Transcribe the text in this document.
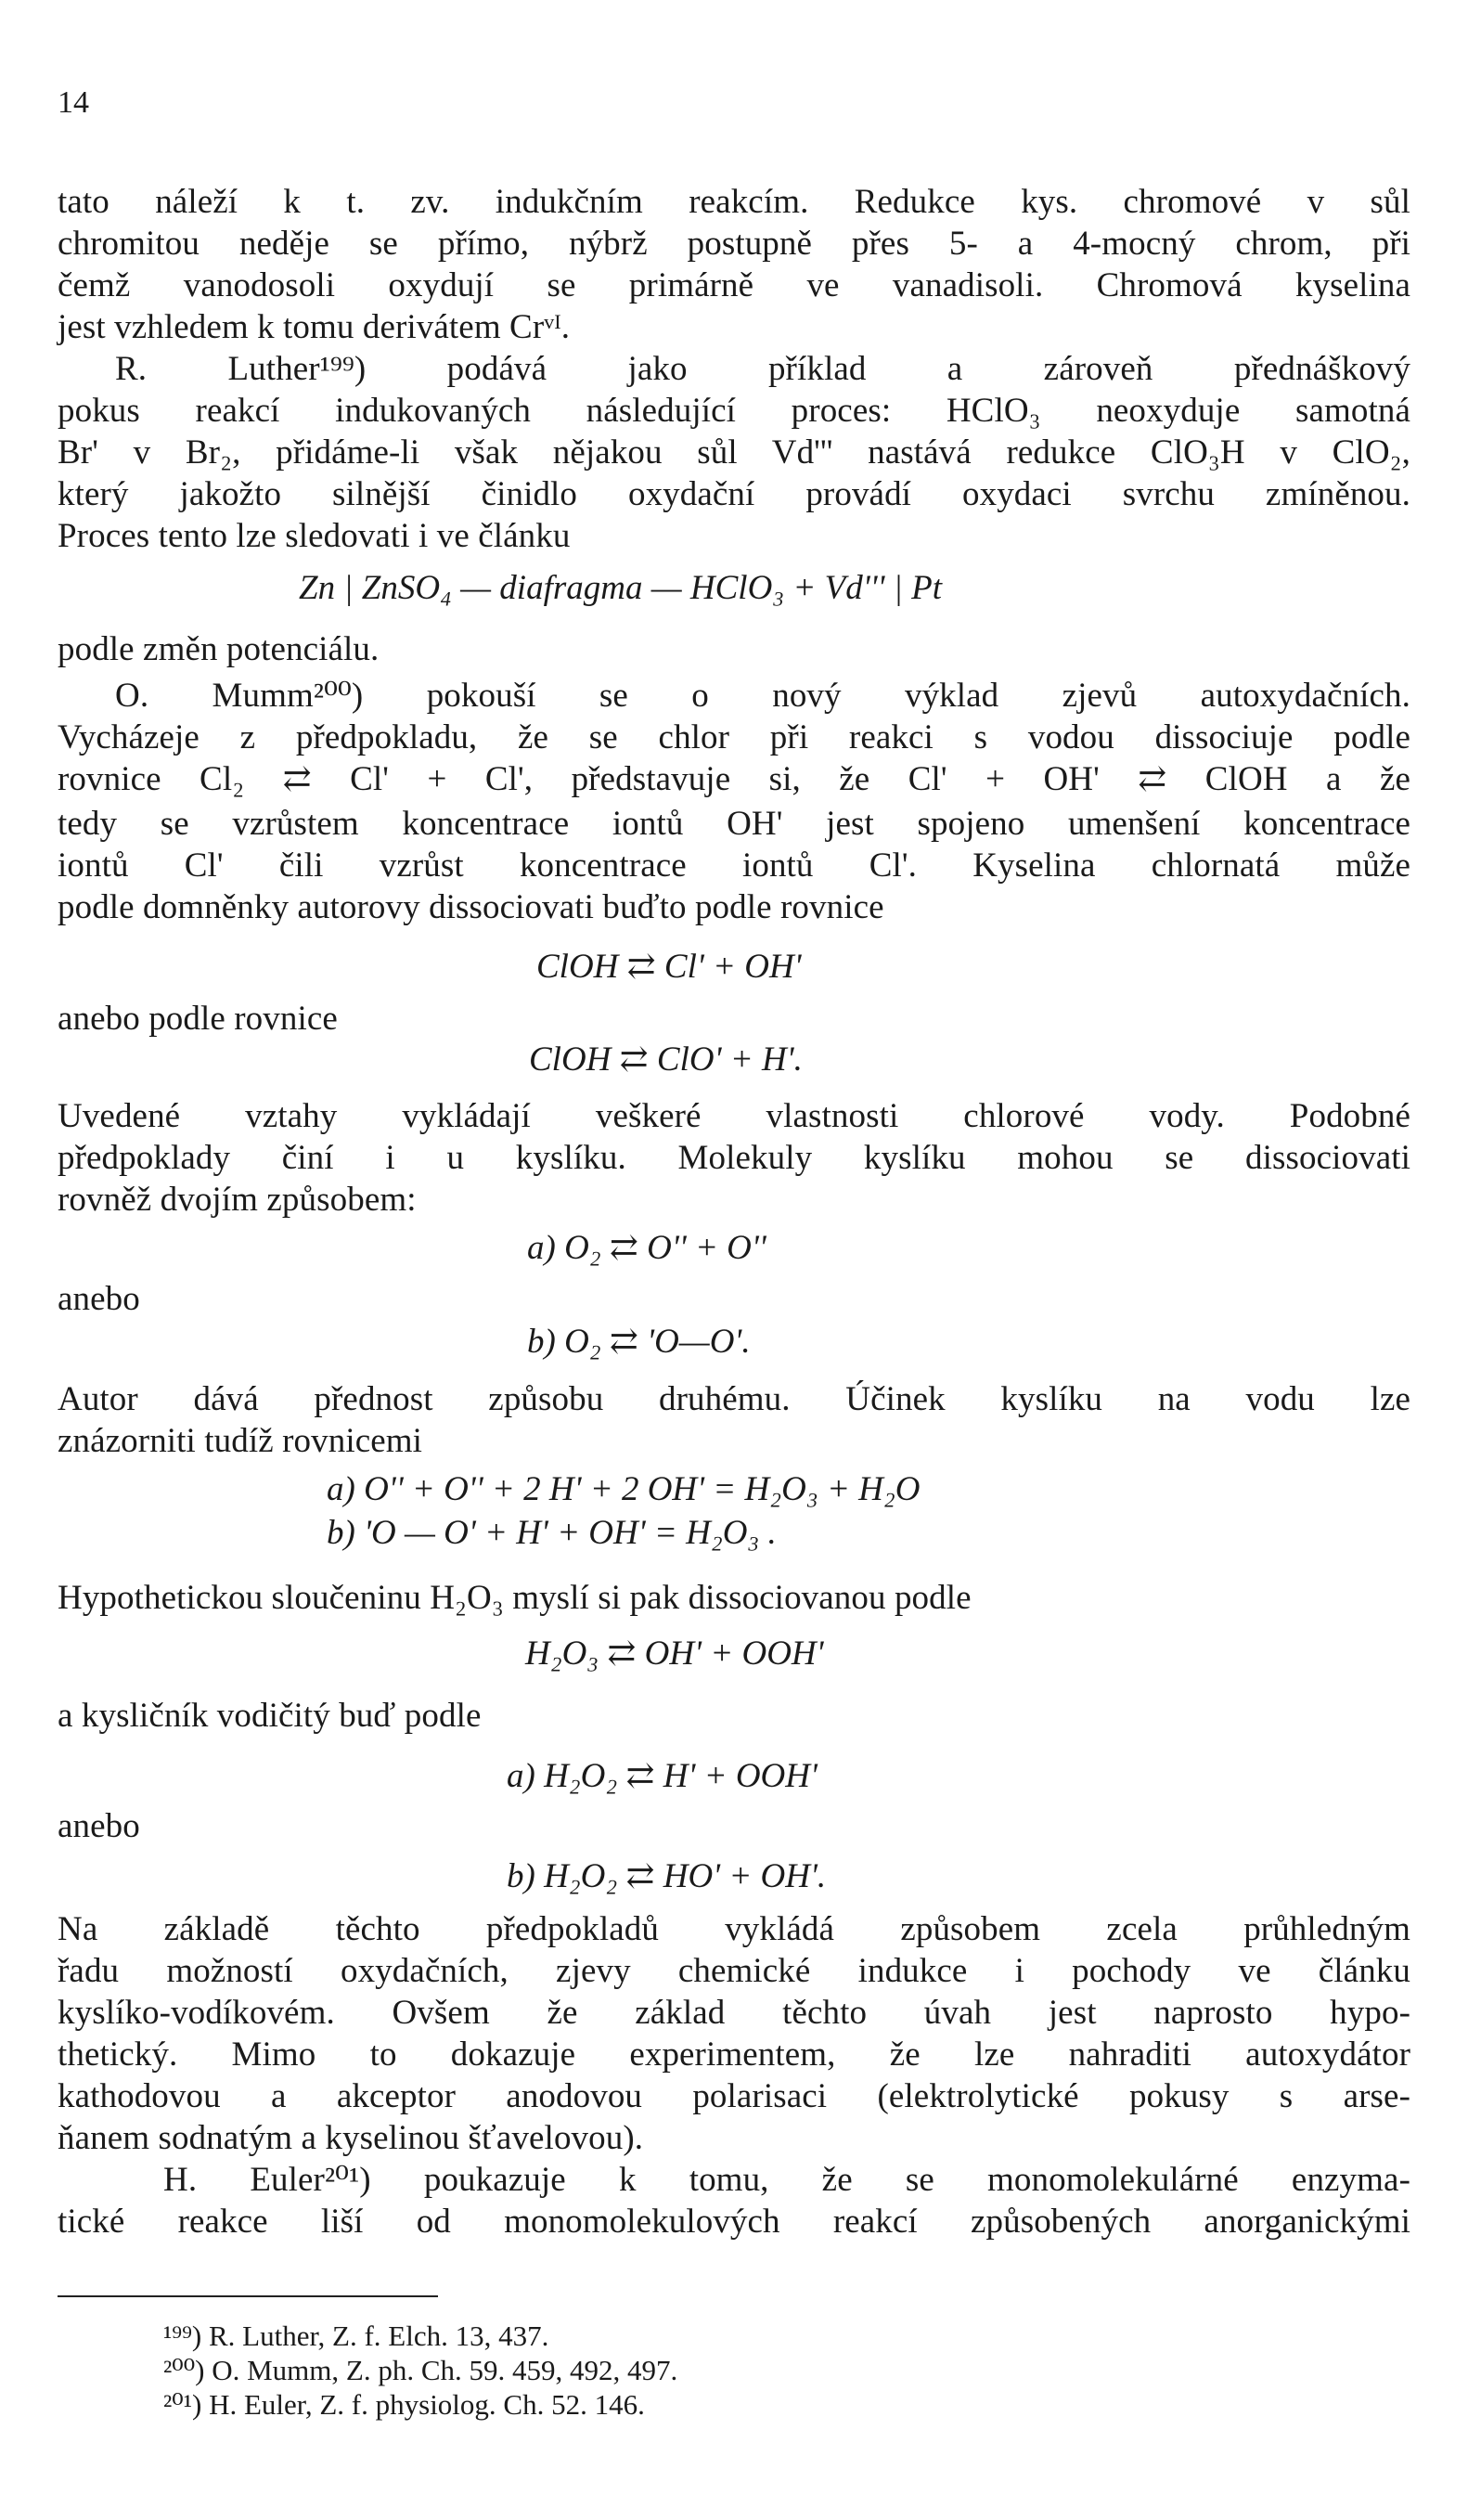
14
tato náleží k t. zv. indukčním reakcím. Redukce kys. chromové v sůl
chromitou neděje se přímo, nýbrž postupně přes 5- a 4-mocný chrom, při
čemž vanodosoli oxydují se primárně ve vanadisoli. Chromová kyselina
jest vzhledem k tomu derivátem Crᵛᴵ.
R. Luther¹⁹⁹) podává jako příklad a zároveň přednáškový
pokus reakcí indukovaných následující proces: HClO₃ neoxyduje samotná
Br' v Br₂, přidáme-li však nějakou sůl Vd''' nastává redukce ClO₃H v ClO₂,
který jakožto silnější činidlo oxydační provádí oxydaci svrchu zmíněnou.
Proces tento lze sledovati i ve článku
Zn | ZnSO₄ — diafragma — HClO₃ + Vd''' | Pt
podle změn potenciálu.
O. Mumm²⁰⁰) pokouší se o nový výklad zjevů autoxydačních.
Vycházeje z předpokladu, že se chlor při reakci s vodou dissociuje podle
rovnice Cl₂ ⇄ Cl' + Cl', představuje si, že Cl' + OH' ⇄ ClOH a že
tedy se vzrůstem koncentrace iontů OH' jest spojeno umenšení koncentrace
iontů Cl' čili vzrůst koncentrace iontů Cl'. Kyselina chlornatá může
podle domněnky autorovy dissociovati buďto podle rovnice
ClOH ⇄ Cl' + OH'
anebo podle rovnice
ClOH ⇄ ClO' + H'.
Uvedené vztahy vykládají veškeré vlastnosti chlorové vody. Podobné
předpoklady činí i u kyslíku. Molekuly kyslíku mohou se dissociovati
rovněž dvojím způsobem:
a) O₂ ⇄ O'' + O''
anebo
b) O₂ ⇄ 'O—O'.
Autor dává přednost způsobu druhému. Účinek kyslíku na vodu lze
znázorniti tudíž rovnicemi
a) O'' + O'' + 2 H' + 2 OH' = H₂O₃ + H₂O
b) 'O — O' + H' + OH' = H₂O₃ .
Hypothetickou sloučeninu H₂O₃ myslí si pak dissociovanou podle
H₂O₃ ⇄ OH' + OOH'
a kysličník vodičitý buď podle
a) H₂O₂ ⇄ H' + OOH'
anebo
b) H₂O₂ ⇄ HO' + OH'.
Na základě těchto předpokladů vykládá způsobem zcela průhledným
řadu možností oxydačních, zjevy chemické indukce i pochody ve článku
kyslíko-vodíkovém. Ovšem že základ těchto úvah jest naprosto hypo-
thetický. Mimo to dokazuje experimentem, že lze nahraditi autoxydátor
kathodovou a akceptor anodovou polarisaci (elektrolytické pokusy s arse-
ňanem sodnatým a kyselinou šťavelovou).
H. Euler²⁰¹) poukazuje k tomu, že se monomolekulárné enzyma-
tické reakce liší od monomolekulových reakcí způsobených anorganickými
¹⁹⁹) R. Luther, Z. f. Elch. 13, 437.
²⁰⁰) O. Mumm, Z. ph. Ch. 59. 459, 492, 497.
²⁰¹) H. Euler, Z. f. physiolog. Ch. 52. 146.
